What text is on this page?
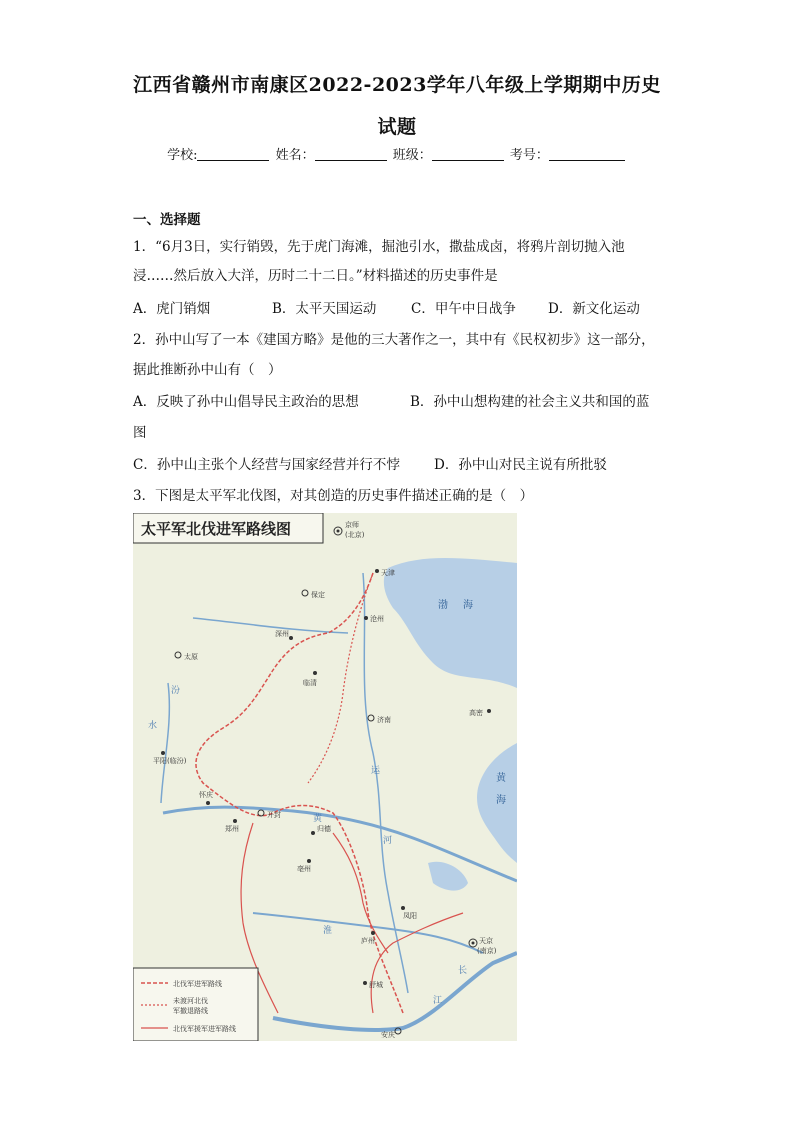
江西省赣州市南康区2022-2023学年八年级上学期期中历史
试题
学校:	姓名：	班级：	考号：
一、选择题
1．“6月3日，实行销毁，先于虎门海滩，掘池引水，撒盐成卤，将鸦片剖切抛入池
浸……然后放入大洋，历时二十二日。”材料描述的历史事件是
A．虎门销烟	B．太平天国运动	C．甲午中日战争 D．新文化运动
2．孙中山写了一本《建国方略》是他的三大著作之一，其中有《民权初步》这一部分，
据此推断孙中山有（　）
A．反映了孙中山倡导民主政治的思想	B．孙中山想构建的社会主义共和国的蓝
图
C．孙中山主张个人经营与国家经营并行不悖	D．孙中山对民主说有所批驳
3．下图是太平军北伐图，对其创造的历史事件描述正确的是（　）
太平军北伐进军路线图	京师
(北京)
天津
保定
太原
济南
开封
天京
(南京)
安庆
沧州
深州
临清
怀庆
郑州	归德
亳州
凤阳
庐州
舒城
平阳(临汾)
高密
黄
河
运
淮
长
江
汾
水
渤 海
黄
海
北伐军进军路线
未渡河北伐
军撤退路线
北伐军援军进军路线
